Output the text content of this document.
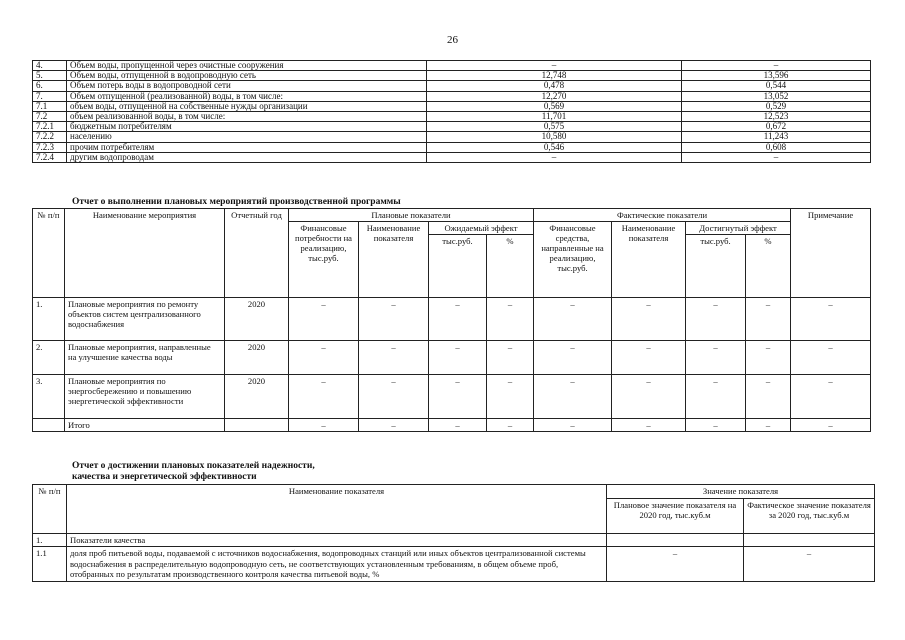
26
4.	Объем воды, пропущенной через очистные сооружения	–	–
5.	Объем воды, отпущенной в водопроводную сеть	12,748	13,596
6.	Объем потерь воды в водопроводной сети	0,478	0,544
7.	Объем отпущенной (реализованной) воды, в том числе:	12,270	13,052
7.1	объем воды, отпущенной на собственные нужды организации	0,569	0,529
7.2	объем реализованной воды, в том числе:	11,701	12,523
7.2.1	бюджетным потребителям	0,575	0,672
7.2.2	населению	10,580	11,243
7.2.3	прочим потребителям	0,546	0,608
7.2.4	другим водопроводам	–	–
Отчет о выполнении плановых мероприятий производственной программы
№ п/п	Наименование мероприятия	Отчетный год	Плановые показатели				Фактические показатели				Примечание
			Финансовые потребности на реализацию, тыс.руб.	Наименование показателя	Ожидаемый эффект		Финансовые средства, направленные на реализацию, тыс.руб.	Наименование показателя	Достигнутый эффект		
					тыс.руб.	%			тыс.руб.	%	
1.	Плановые мероприятия по ремонту объектов систем централизованного водоснабжения	2020	–	–	–	–	–	–	–	–	–
2.	Плановые мероприятия, направленные на улучшение качества воды	2020	–	–	–	–	–	–	–	–	–
3.	Плановые мероприятия по энергосбережению и повышению энергетической эффективности	2020	–	–	–	–	–	–	–	–	–
	Итого		–	–	–	–	–	–	–	–	–
Отчет о достижении плановых показателей надежности,
качества и энергетической эффективности
№ п/п	Наименование показателя	Значение показателя	
		Плановое значение показателя на 2020 год, тыс.куб.м	Фактическое значение показателя за 2020 год, тыс.куб.м
1.	Показатели качества		
1.1	доля проб питьевой воды, подаваемой с источников водоснабжения, водопроводных станций или иных объектов централизованной системы водоснабжения в распределительную водопроводную сеть, не соответствующих установленным требованиям, в общем объеме проб, отобранных по результатам производственного контроля качества питьевой воды, %	–	–
